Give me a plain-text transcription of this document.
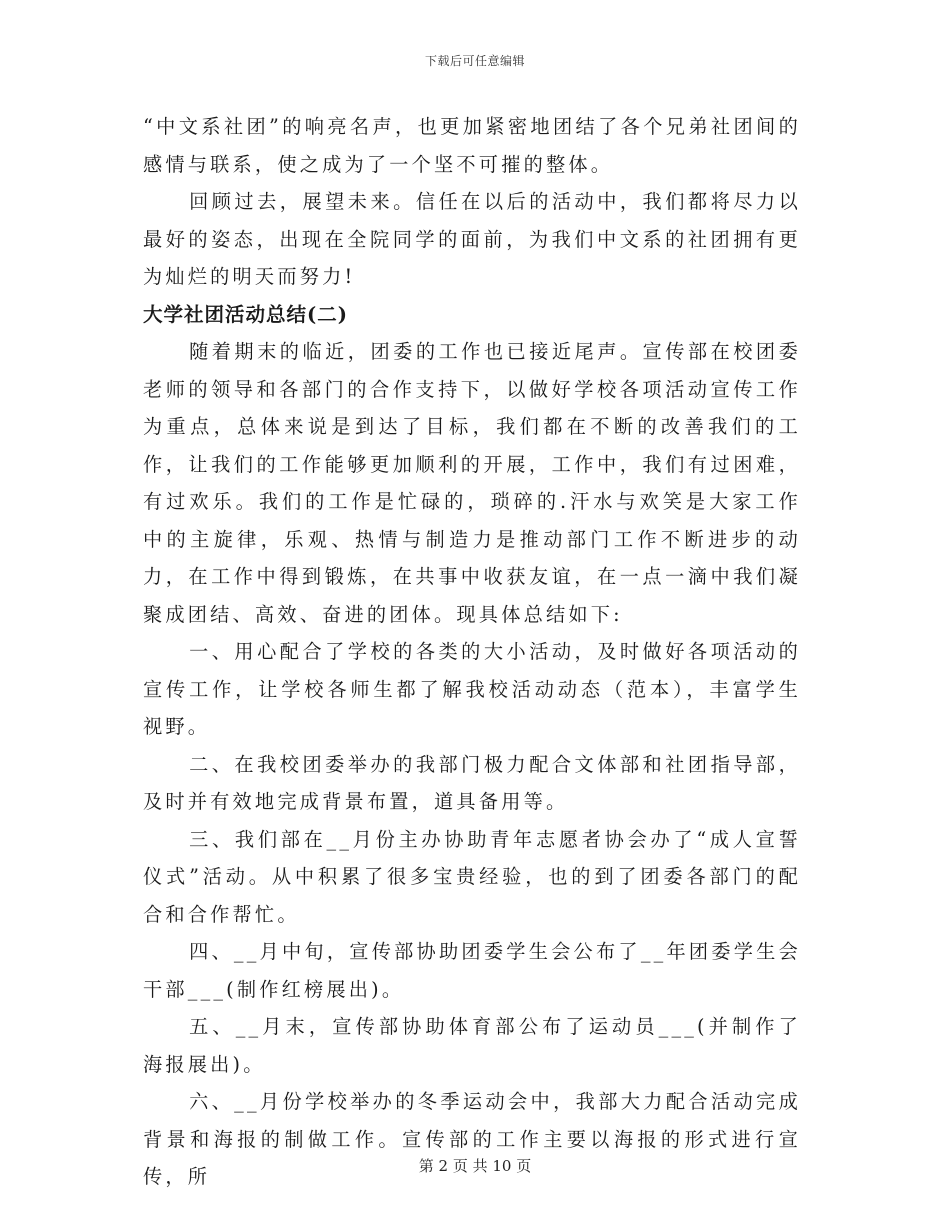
下载后可任意编辑

“中文系社团”的响亮名声，也更加紧密地团结了各个兄弟社团间的感情与联系，使之成为了一个坚不可摧的整体。

回顾过去，展望未来。信任在以后的活动中，我们都将尽力以最好的姿态，出现在全院同学的面前，为我们中文系的社团拥有更为灿烂的明天而努力!

大学社团活动总结(二)

随着期末的临近，团委的工作也已接近尾声。宣传部在校团委老师的领导和各部门的合作支持下，以做好学校各项活动宣传工作为重点，总体来说是到达了目标，我们都在不断的改善我们的工作，让我们的工作能够更加顺利的开展，工作中，我们有过困难，有过欢乐。我们的工作是忙碌的，琐碎的.汗水与欢笑是大家工作中的主旋律，乐观、热情与制造力是推动部门工作不断进步的动力，在工作中得到锻炼，在共事中收获友谊，在一点一滴中我们凝聚成团结、高效、奋进的团体。现具体总结如下:

一、用心配合了学校的各类的大小活动，及时做好各项活动的宣传工作，让学校各师生都了解我校活动动态（范本），丰富学生视野。

二、在我校团委举办的我部门极力配合文体部和社团指导部，及时并有效地完成背景布置，道具备用等。

三、我们部在__月份主办协助青年志愿者协会办了“成人宣誓仪式”活动。从中积累了很多宝贵经验，也的到了团委各部门的配合和合作帮忙。

四、__月中旬，宣传部协助团委学生会公布了__年团委学生会干部___(制作红榜展出)。

五、__月末，宣传部协助体育部公布了运动员___(并制作了海报展出)。

六、__月份学校举办的冬季运动会中，我部大力配合活动完成背景和海报的制做工作。宣传部的工作主要以海报的形式进行宣传，所	第 2 页 共 10 页
